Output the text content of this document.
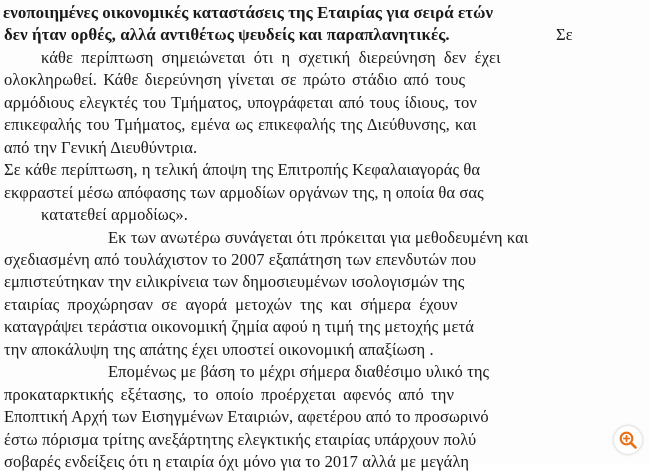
ενοποιημένες οικονομικές καταστάσεις της Εταιρίας για σειρά ετών
δεν ήταν ορθές, αλλά αντιθέτως ψευδείς και παραπλανητικές.	Σε
κάθε περίπτωση σημειώνεται ότι η σχετική διερεύνηση δεν έχει
ολοκληρωθεί. Κάθε διερεύνηση γίνεται σε πρώτο στάδιο από τους
αρμόδιους ελεγκτές του Τμήματος, υπογράφεται από τους ίδιους, τον
επικεφαλής του Τμήματος, εμένα ως επικεφαλής της Διεύθυνσης, και
από την Γενική Διευθύντρια.
Σε κάθε περίπτωση, η τελική άποψη της Επιτροπής Κεφαλαιαγοράς θα
εκφραστεί μέσω απόφασης των αρμοδίων οργάνων της, η οποία θα σας
κατατεθεί αρμοδίως».
Εκ των ανωτέρω συνάγεται ότι πρόκειται για μεθοδευμένη και
σχεδιασμένη από τουλάχιστον το 2007 εξαπάτηση των επενδυτών που
εμπιστεύτηκαν την ειλικρίνεια των δημοσιευμένων ισολογισμών της
εταιρίας προχώρησαν σε αγορά μετοχών της και σήμερα έχουν
καταγράψει τεράστια οικονομική ζημία αφού η τιμή της μετοχής μετά
την αποκάλυψη της απάτης έχει υποστεί οικονομική απαξίωση .
Επομένως με βάση το μέχρι σήμερα διαθέσιμο υλικό της
προκαταρκτικής εξέτασης, το οποίο προέρχεται αφενός από την
Εποπτική Αρχή των Εισηγμένων Εταιριών, αφετέρου από το προσωρινό
έστω πόρισμα τρίτης ανεξάρτητης ελεγκτικής εταιρίας υπάρχουν πολύ
σοβαρές ενδείξεις ότι η εταιρία όχι μόνο για το 2017 αλλά με μεγάλη
